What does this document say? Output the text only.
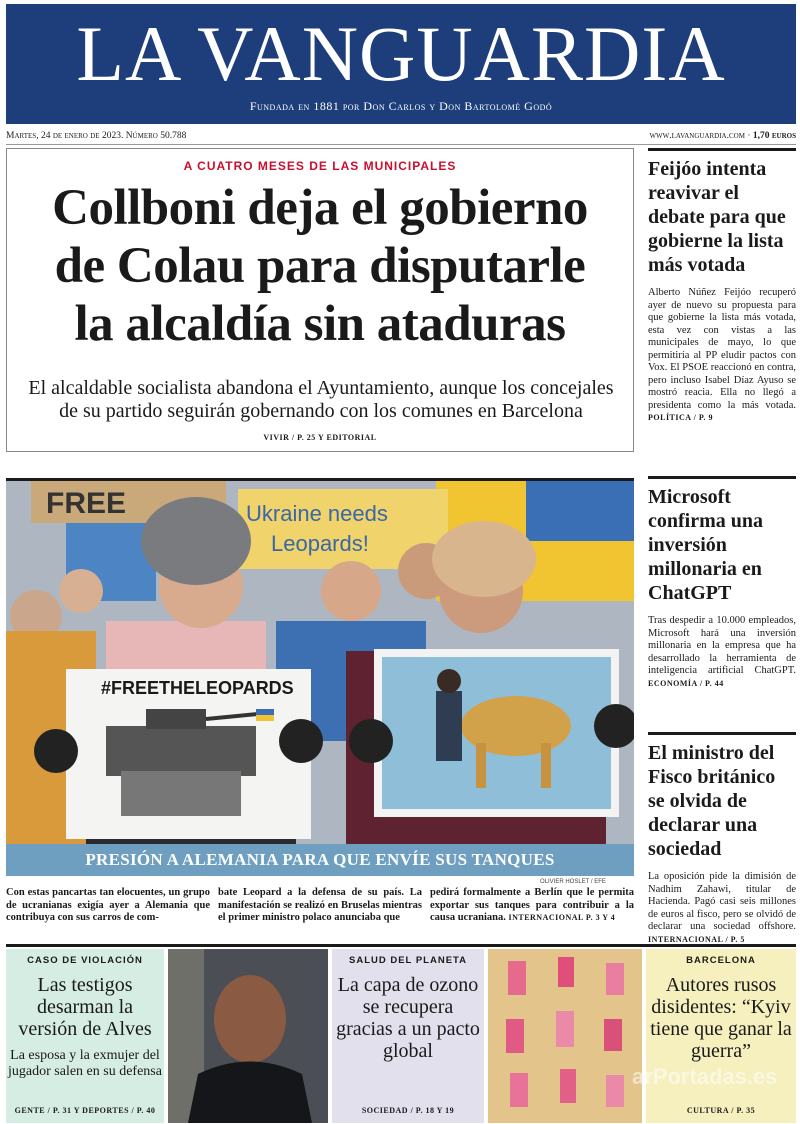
LA VANGUARDIA
Fundada en 1881 por Don Carlos y Don Bartolomé Godó
Martes, 24 de enero de 2023. Número 50.788	www.lavanguardia.com · 1,70 euros
A CUATRO MESES DE LAS MUNICIPALES
Collboni deja el gobierno
de Colau para disputarle
la alcaldía sin ataduras
El alcaldable socialista abandona el Ayuntamiento, aunque los concejales de su partido seguirán gobernando con los comunes en Barcelona
VIVIR / P. 25 Y EDITORIAL
Feijóo intenta reavivar el debate para que gobierne la lista más votada
Alberto Núñez Feijóo recuperó ayer de nuevo su propuesta para que gobierne la lista más votada, esta vez con vistas a las municipales de mayo, lo que permitiría al PP eludir pactos con Vox. El PSOE reaccionó en contra, pero incluso Isabel Díaz Ayuso se mostró reacia. Ella no llegó a presidenta como la más votada. POLÍTICA / P. 9
Microsoft confirma una inversión millonaria en ChatGPT
Tras despedir a 10.000 empleados, Microsoft hará una inversión millonaria en la empresa que ha desarrollado la herramienta de inteligencia artificial ChatGPT. ECONOMÍA / P. 44
El ministro del Fisco británico se olvida de declarar una sociedad
La oposición pide la dimisión de Nadhim Zahawi, titular de Hacienda. Pagó casi seis millones de euros al fisco, pero se olvidó de declarar una sociedad offshore. INTERNACIONAL / P. 5
FREE	Ukraine needs
Leopards!
#FREETHELEOPARDS
PRESIÓN A ALEMANIA PARA QUE ENVÍE SUS TANQUES
OLIVIER HOSLET / EFE
Con estas pancartas tan elocuentes, un grupo de ucranianas exigía ayer a Alemania que contribuya con sus carros de com-
bate Leopard a la defensa de su país. La manifestación se realizó en Bruselas mientras el primer ministro polaco anunciaba que
pedirá formalmente a Berlín que le permita exportar sus tanques para contribuir a la causa ucraniana. INTERNACIONAL P. 3 Y 4
CASO DE VIOLACIÓN
Las testigos desarman la versión de Alves
La esposa y la exmujer del jugador salen en su defensa
GENTE / P. 31 Y DEPORTES / P. 40
SALUD DEL PLANETA
La capa de ozono se recupera gracias a un pacto global
SOCIEDAD / P. 18 Y 19
BARCELONA
Autores rusos disidentes: “Kyiv tiene que ganar la guerra”
CULTURA / P. 35
arPortadas.es
